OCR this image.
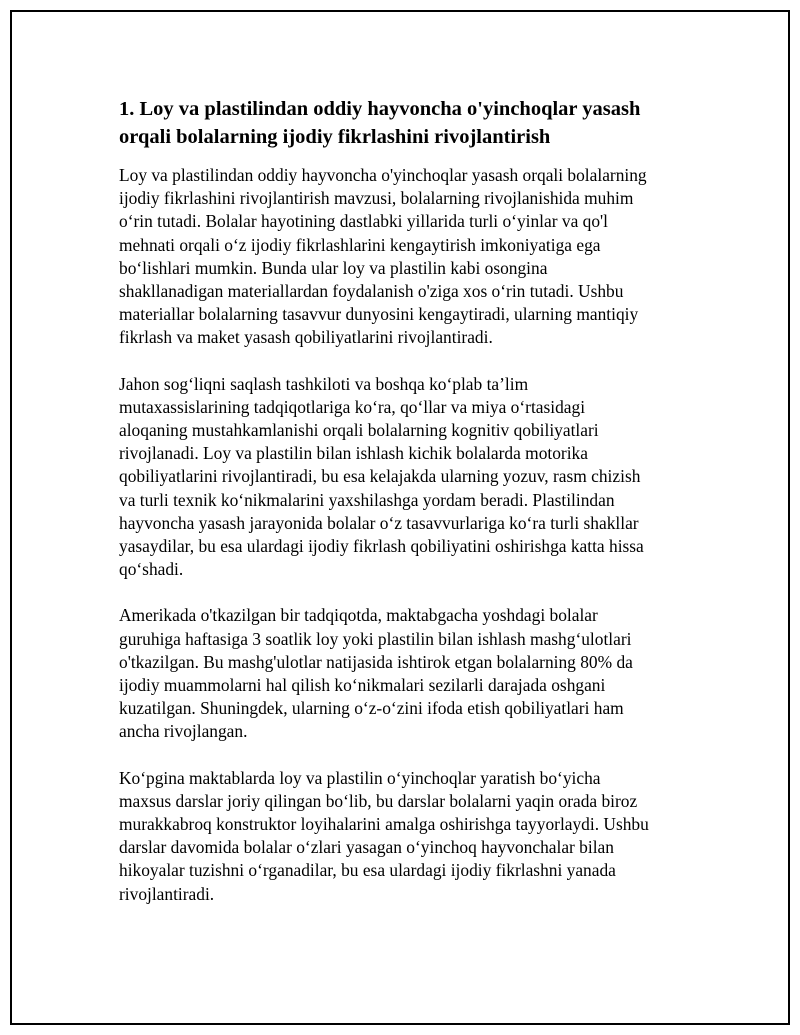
1. Loy va plastilindan oddiy hayvoncha o'yinchoqlar yasash
orqali bolalarning ijodiy fikrlashini rivojlantirish

Loy va plastilindan oddiy hayvoncha o'yinchoqlar yasash orqali bolalarning
ijodiy fikrlashini rivojlantirish mavzusi, bolalarning rivojlanishida muhim
o‘rin tutadi. Bolalar hayotining dastlabki yillarida turli o‘yinlar va qo'l
mehnati orqali o‘z ijodiy fikrlashlarini kengaytirish imkoniyatiga ega
bo‘lishlari mumkin. Bunda ular loy va plastilin kabi osongina
shakllanadigan materiallardan foydalanish o'ziga xos o‘rin tutadi. Ushbu
materiallar bolalarning tasavvur dunyosini kengaytiradi, ularning mantiqiy
fikrlash va maket yasash qobiliyatlarini rivojlantiradi.

Jahon sog‘liqni saqlash tashkiloti va boshqa ko‘plab ta’lim
mutaxassislarining tadqiqotlariga ko‘ra, qo‘llar va miya o‘rtasidagi
aloqaning mustahkamlanishi orqali bolalarning kognitiv qobiliyatlari
rivojlanadi. Loy va plastilin bilan ishlash kichik bolalarda motorika
qobiliyatlarini rivojlantiradi, bu esa kelajakda ularning yozuv, rasm chizish
va turli texnik ko‘nikmalarini yaxshilashga yordam beradi. Plastilindan
hayvoncha yasash jarayonida bolalar o‘z tasavvurlariga ko‘ra turli shakllar
yasaydilar, bu esa ulardagi ijodiy fikrlash qobiliyatini oshirishga katta hissa
qo‘shadi.

Amerikada o'tkazilgan bir tadqiqotda, maktabgacha yoshdagi bolalar
guruhiga haftasiga 3 soatlik loy yoki plastilin bilan ishlash mashg‘ulotlari
o'tkazilgan. Bu mashg'ulotlar natijasida ishtirok etgan bolalarning 80% da
ijodiy muammolarni hal qilish ko‘nikmalari sezilarli darajada oshgani
kuzatilgan. Shuningdek, ularning o‘z-o‘zini ifoda etish qobiliyatlari ham
ancha rivojlangan.

Ko‘pgina maktablarda loy va plastilin o‘yinchoqlar yaratish bo‘yicha
maxsus darslar joriy qilingan bo‘lib, bu darslar bolalarni yaqin orada biroz
murakkabroq konstruktor loyihalarini amalga oshirishga tayyorlaydi. Ushbu
darslar davomida bolalar o‘zlari yasagan o‘yinchoq hayvonchalar bilan
hikoyalar tuzishni o‘rganadilar, bu esa ulardagi ijodiy fikrlashni yanada
rivojlantiradi.
